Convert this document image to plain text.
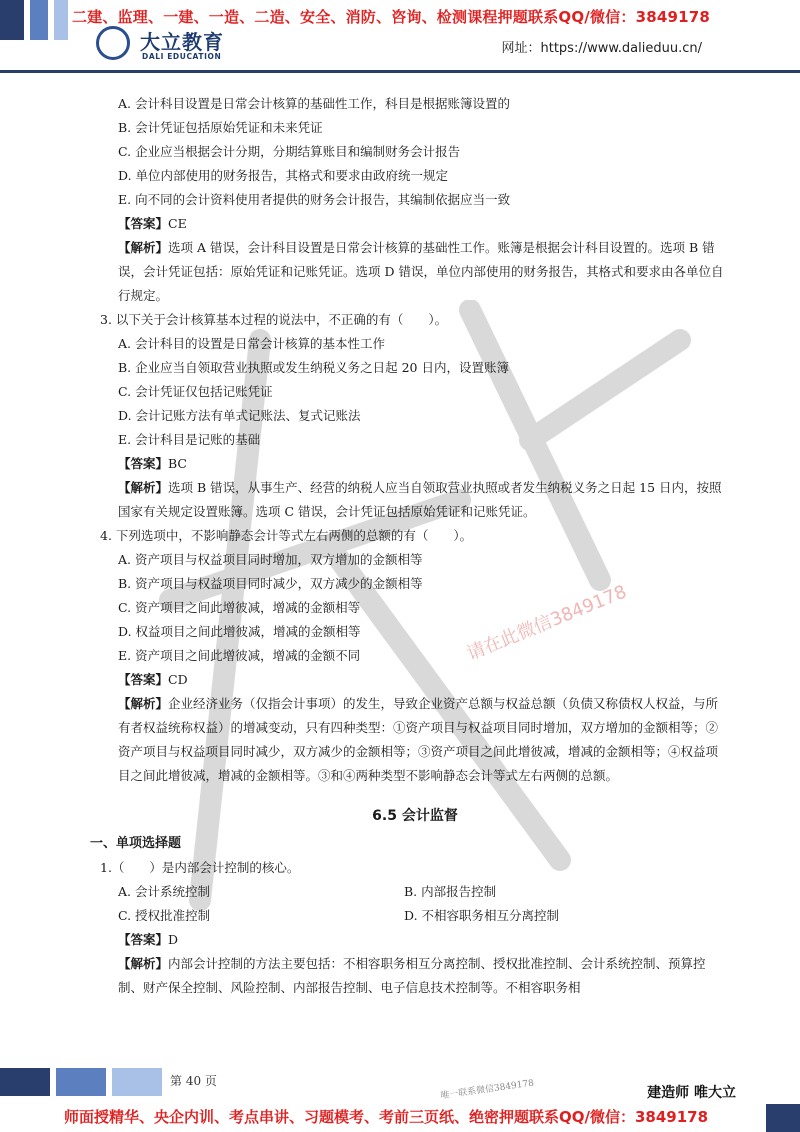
二建、监理、一建、一造、二造、安全、消防、咨询、检测课程押题联系QQ/微信：3849178
大立教育
DALI EDUCATION
网址：https://www.dalieduu.cn/
请在此微信3849178
A. 会计科目设置是日常会计核算的基础性工作，科目是根据账簿设置的
B. 会计凭证包括原始凭证和未来凭证
C. 企业应当根据会计分期，分期结算账目和编制财务会计报告
D. 单位内部使用的财务报告，其格式和要求由政府统一规定
E. 向不同的会计资料使用者提供的财务会计报告，其编制依据应当一致
【答案】CE
【解析】选项 A 错误，会计科目设置是日常会计核算的基础性工作。账簿是根据会计科目设置的。选项 B 错误，会计凭证包括：原始凭证和记账凭证。选项 D 错误，单位内部使用的财务报告，其格式和要求由各单位自行规定。
3. 以下关于会计核算基本过程的说法中，不正确的有（　　）。
A. 会计科目的设置是日常会计核算的基本性工作
B. 企业应当自领取营业执照或发生纳税义务之日起 20 日内，设置账簿
C. 会计凭证仅包括记账凭证
D. 会计记账方法有单式记账法、复式记账法
E. 会计科目是记账的基础
【答案】BC
【解析】选项 B 错误，从事生产、经营的纳税人应当自领取营业执照或者发生纳税义务之日起 15 日内，按照国家有关规定设置账簿。选项 C 错误，会计凭证包括原始凭证和记账凭证。
4. 下列选项中，不影响静态会计等式左右两侧的总额的有（　　）。
A. 资产项目与权益项目同时增加，双方增加的金额相等
B. 资产项目与权益项目同时减少，双方减少的金额相等
C. 资产项目之间此增彼减，增减的金额相等
D. 权益项目之间此增彼减，增减的金额相等
E. 资产项目之间此增彼减，增减的金额不同
【答案】CD
【解析】企业经济业务（仅指会计事项）的发生，导致企业资产总额与权益总额（负债又称债权人权益，与所有者权益统称权益）的增减变动，只有四种类型：①资产项目与权益项目同时增加，双方增加的金额相等；②资产项目与权益项目同时减少，双方减少的金额相等；③资产项目之间此增彼减，增减的金额相等；④权益项目之间此增彼减，增减的金额相等。③和④两种类型不影响静态会计等式左右两侧的总额。
6.5 会计监督
一、单项选择题
1.（　　）是内部会计控制的核心。
A. 会计系统控制	B. 内部报告控制
C. 授权批准控制	D. 不相容职务相互分离控制
【答案】D
【解析】内部会计控制的方法主要包括：不相容职务相互分离控制、授权批准控制、会计系统控制、预算控制、财产保全控制、风险控制、内部报告控制、电子信息技术控制等。不相容职务相
第 40 页	唯一联系微信3849178	建造师 唯大立
师面授精华、央企内训、考点串讲、习题模考、考前三页纸、绝密押题联系QQ/微信：3849178
